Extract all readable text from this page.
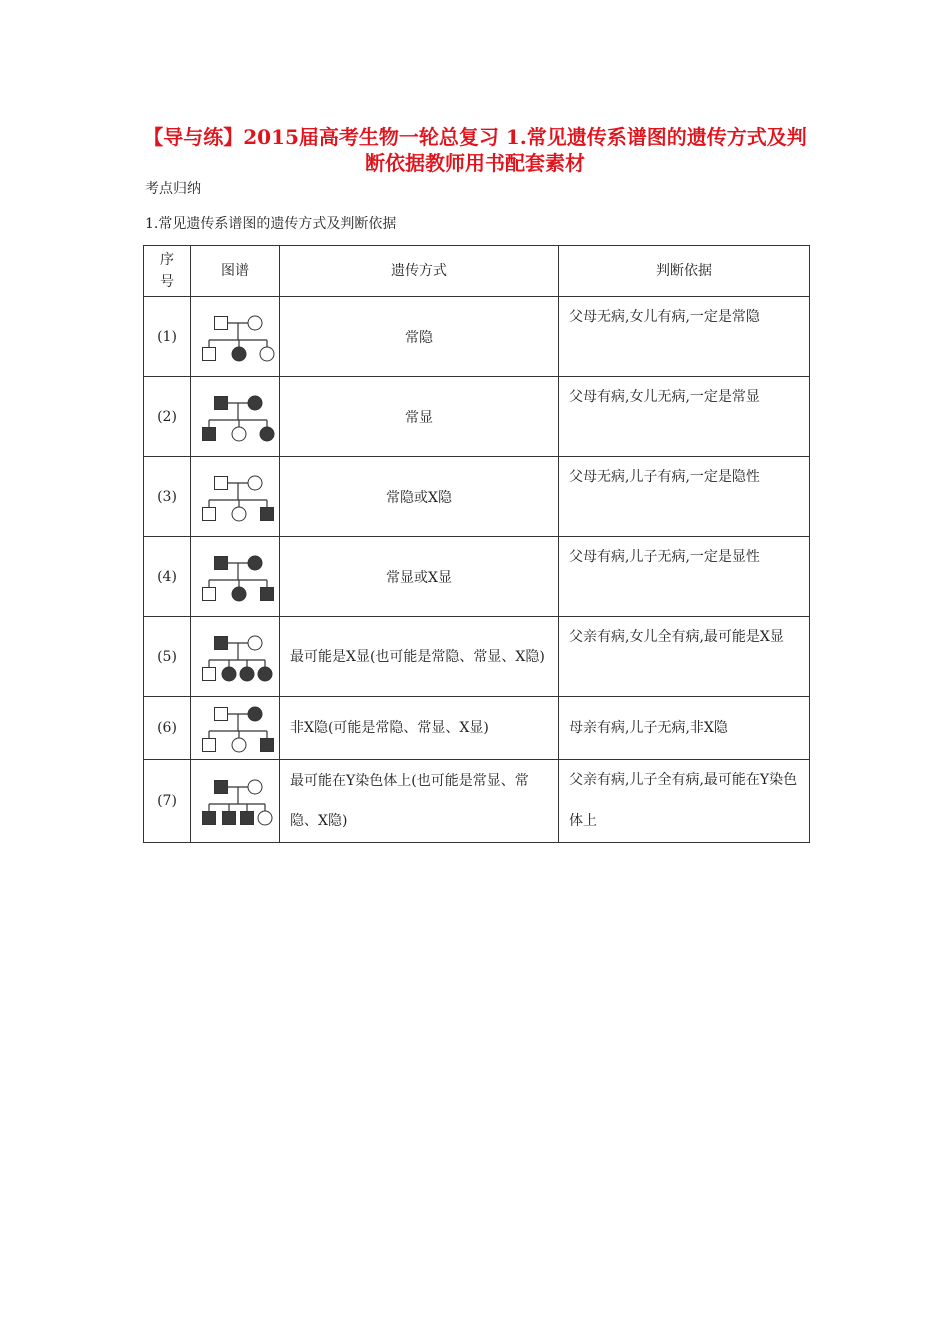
【导与练】2015届高考生物一轮总复习 1.常见遗传系谱图的遗传方式及判断依据教师用书配套素材
考点归纳
1.常见遗传系谱图的遗传方式及判断依据
序号	图谱	遗传方式	判断依据
(1)		常隐	父母无病,女儿有病,一定是常隐
(2)		常显	父母有病,女儿无病,一定是常显
(3)		常隐或X隐	父母无病,儿子有病,一定是隐性
(4)		常显或X显	父母有病,儿子无病,一定是显性
(5)		最可能是X显(也可能是常隐、常显、X隐)	父亲有病,女儿全有病,最可能是X显
(6)		非X隐(可能是常隐、常显、X显)	母亲有病,儿子无病,非X隐
(7)		最可能在Y染色体上(也可能是常显、常隐、X隐)	父亲有病,儿子全有病,最可能在Y染色体上
